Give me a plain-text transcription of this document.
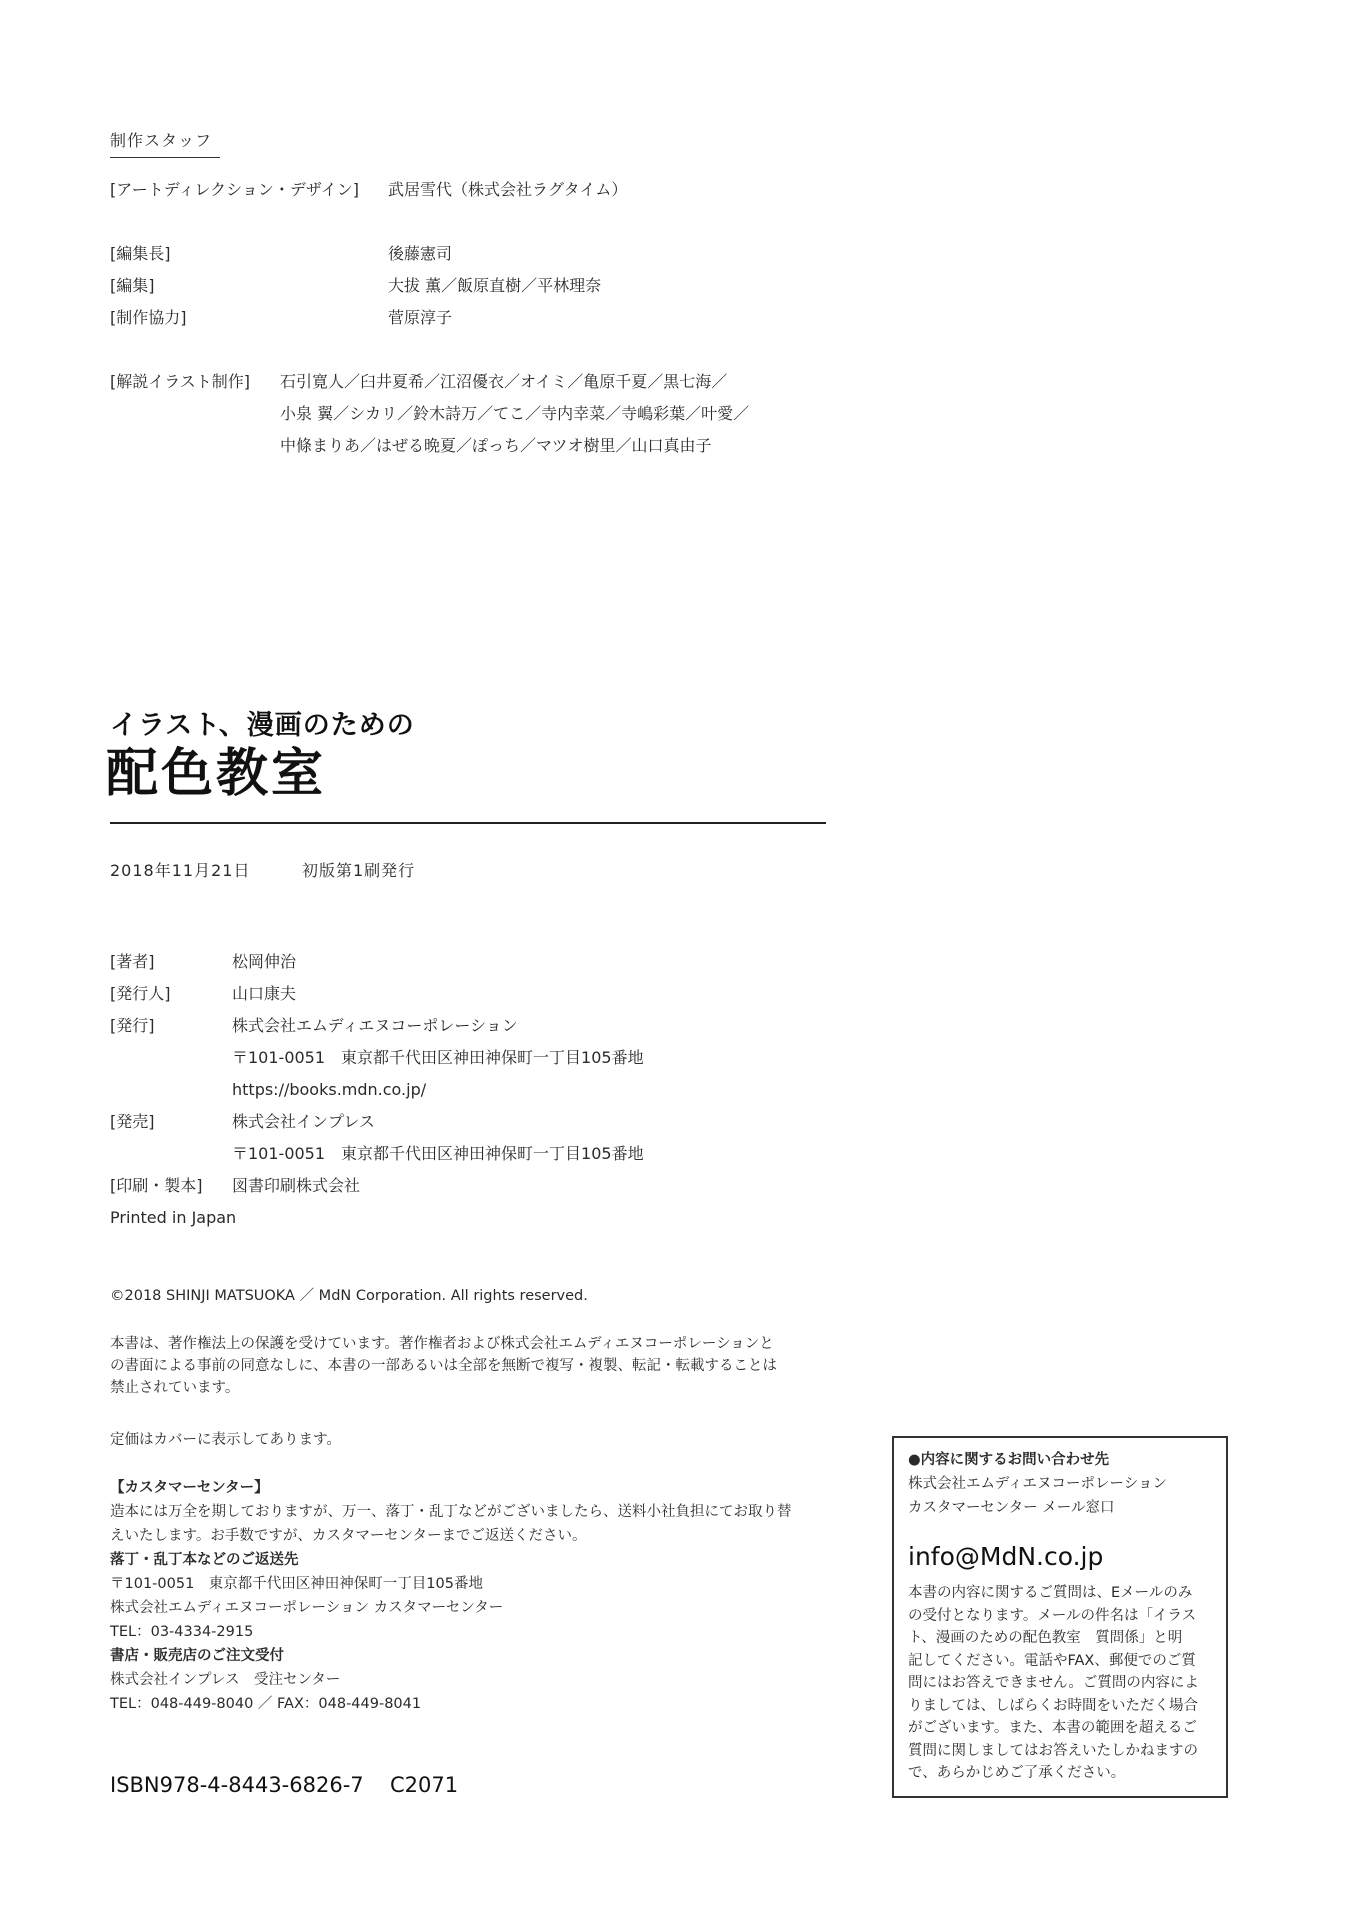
制作スタッフ
[アートディレクション・デザイン] 武居雪代（株式会社ラグタイム）
[編集長]	後藤憲司
[編集]	大拔 薫／飯原直樹／平林理奈
[制作協力]	菅原淳子
[解説イラスト制作] 石引寛人／臼井夏希／江沼優衣／オイミ／亀原千夏／黒七海／
小泉 翼／シカリ／鈴木詩万／てこ／寺内幸菜／寺嶋彩葉／叶愛／
中條まりあ／はぜる晩夏／ぽっち／マツオ樹里／山口真由子
イラスト、漫画のための
配色教室
2018年11月21日	初版第1刷発行
[著者]	松岡伸治
[発行人]	山口康夫
[発行]	株式会社エムディエヌコーポレーション
〒101-0051　東京都千代田区神田神保町一丁目105番地
https://books.mdn.co.jp/
[発売]	株式会社インプレス
〒101-0051　東京都千代田区神田神保町一丁目105番地
[印刷・製本] 図書印刷株式会社
Printed in Japan
©2018 SHINJI MATSUOKA ／ MdN Corporation. All rights reserved.
本書は、著作権法上の保護を受けています。著作権者および株式会社エムディエヌコーポレーションと
の書面による事前の同意なしに、本書の一部あるいは全部を無断で複写・複製、転記・転載することは
禁止されています。
定価はカバーに表示してあります。
【カスタマーセンター】
造本には万全を期しておりますが、万一、落丁・乱丁などがございましたら、送料小社負担にてお取り替
えいたします。お手数ですが、カスタマーセンターまでご返送ください。
落丁・乱丁本などのご返送先
〒101-0051　東京都千代田区神田神保町一丁目105番地
株式会社エムディエヌコーポレーション カスタマーセンター
TEL：03-4334-2915
書店・販売店のご注文受付
株式会社インプレス　受注センター
TEL：048-449-8040 ／ FAX：048-449-8041
ISBN978-4-8443-6826-7 C2071
●内容に関するお問い合わせ先
株式会社エムディエヌコーポレーション
カスタマーセンター メール窓口
info@MdN.co.jp
本書の内容に関するご質問は、Eメールのみ
の受付となります。メールの件名は「イラス
ト、漫画のための配色教室　質問係」と明
記してください。電話やFAX、郵便でのご質
問にはお答えできません。ご質問の内容によ
りましては、しばらくお時間をいただく場合
がございます。また、本書の範囲を超えるご
質問に関しましてはお答えいたしかねますの
で、あらかじめご了承ください。
